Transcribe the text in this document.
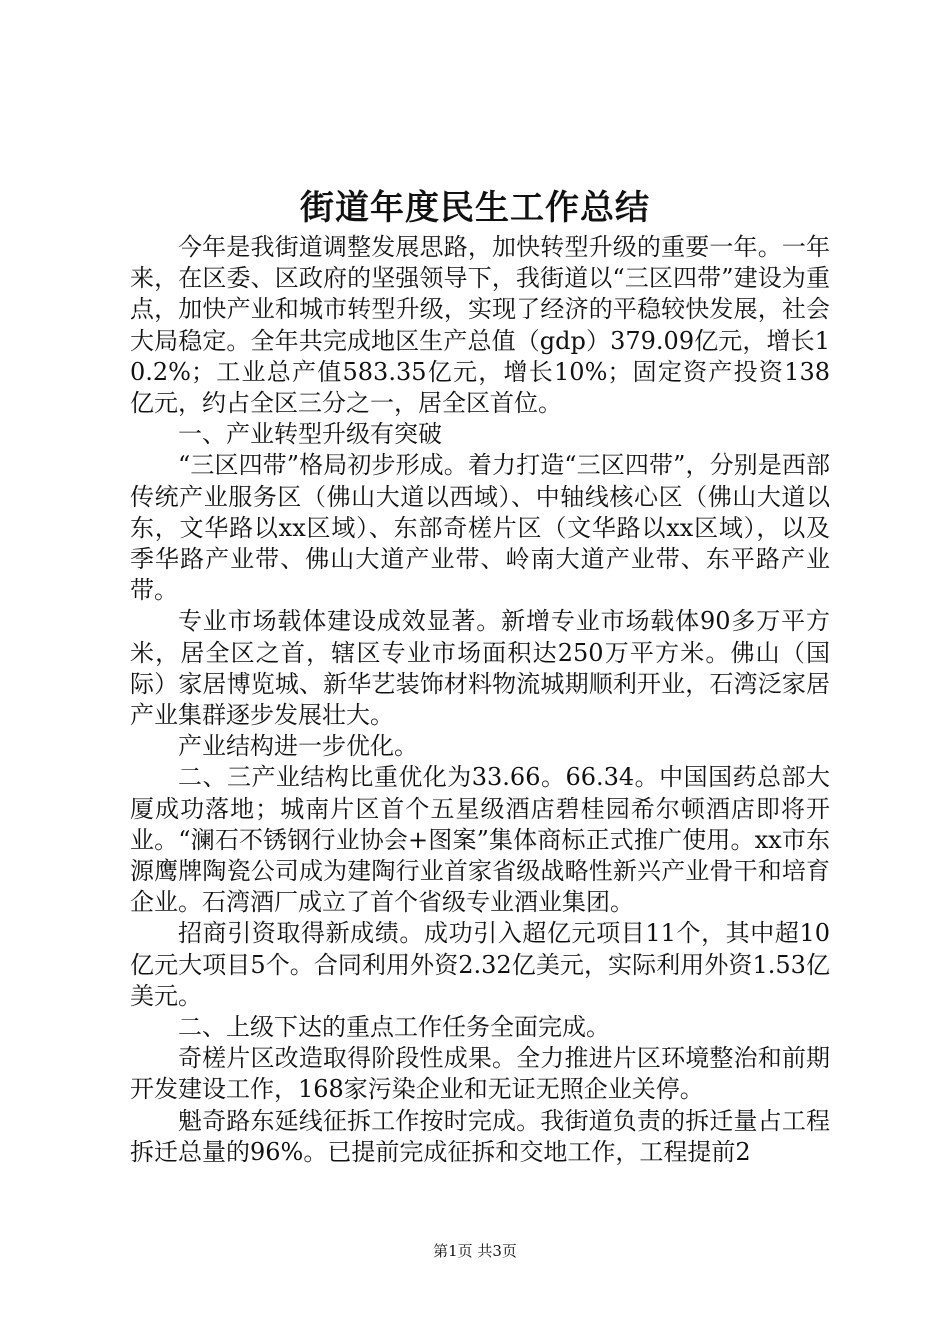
街道年度民生工作总结

今年是我街道调整发展思路，加快转型升级的重要一年。一年来，在区委、区政府的坚强领导下，我街道以“三区四带”建设为重点，加快产业和城市转型升级，实现了经济的平稳较快发展，社会大局稳定。全年共完成地区生产总值（gdp）379.09亿元，增长10.2%；工业总产值583.35亿元，增长10%；固定资产投资138亿元，约占全区三分之一，居全区首位。

一、产业转型升级有突破

“三区四带”格局初步形成。着力打造“三区四带”，分别是西部传统产业服务区（佛山大道以西域）、中轴线核心区（佛山大道以东，文华路以xx区域）、东部奇槎片区（文华路以xx区域），以及季华路产业带、佛山大道产业带、岭南大道产业带、东平路产业带。

专业市场载体建设成效显著。新增专业市场载体90多万平方米，居全区之首，辖区专业市场面积达250万平方米。佛山（国际）家居博览城、新华艺装饰材料物流城期顺利开业，石湾泛家居产业集群逐步发展壮大。

产业结构进一步优化。

二、三产业结构比重优化为33.66。66.34。中国国药总部大厦成功落地；城南片区首个五星级酒店碧桂园希尔顿酒店即将开业。“澜石不锈钢行业协会+图案”集体商标正式推广使用。xx市东源鹰牌陶瓷公司成为建陶行业首家省级战略性新兴产业骨干和培育企业。石湾酒厂成立了首个省级专业酒业集团。

招商引资取得新成绩。成功引入超亿元项目11个，其中超10亿元大项目5个。合同利用外资2.32亿美元，实际利用外资1.53亿美元。

二、上级下达的重点工作任务全面完成。

奇槎片区改造取得阶段性成果。全力推进片区环境整治和前期开发建设工作，168家污染企业和无证无照企业关停。

魁奇路东延线征拆工作按时完成。我街道负责的拆迁量占工程拆迁总量的96%。已提前完成征拆和交地工作，工程提前2

第1页 共3页
